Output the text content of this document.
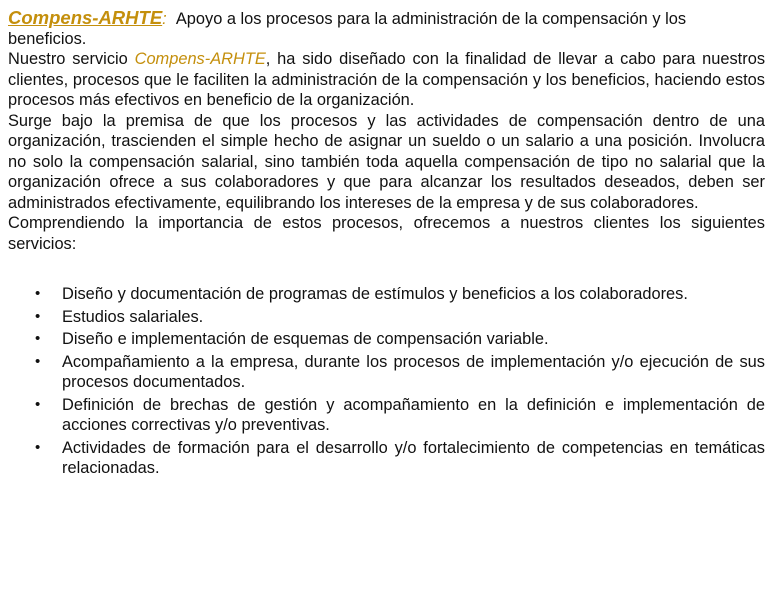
Compens-ARHTE: Apoyo a los procesos para la administración de la compensación y los beneficios.

Nuestro servicio Compens-ARHTE, ha sido diseñado con la finalidad de llevar a cabo para nuestros clientes, procesos que le faciliten la administración de la compensación y los beneficios, haciendo estos procesos más efectivos en beneficio de la organización.

Surge bajo la premisa de que los procesos y las actividades de compensación dentro de una organización, trascienden el simple hecho de asignar un sueldo o un salario a una posición. Involucra no solo la compensación salarial, sino también toda aquella compensación de tipo no salarial que la organización ofrece a sus colaboradores y que para alcanzar los resultados deseados, deben ser administrados efectivamente, equilibrando los intereses de la empresa y de sus colaboradores.

Comprendiendo la importancia de estos procesos, ofrecemos a nuestros clientes los siguientes servicios:

• Diseño y documentación de programas de estímulos y beneficios a los colaboradores.
• Estudios salariales.
• Diseño e implementación de esquemas de compensación variable.
• Acompañamiento a la empresa, durante los procesos de implementación y/o ejecución de sus procesos documentados.
• Definición de brechas de gestión y acompañamiento en la definición e implementación de acciones correctivas y/o preventivas.
• Actividades de formación para el desarrollo y/o fortalecimiento de competencias en temáticas relacionadas.
